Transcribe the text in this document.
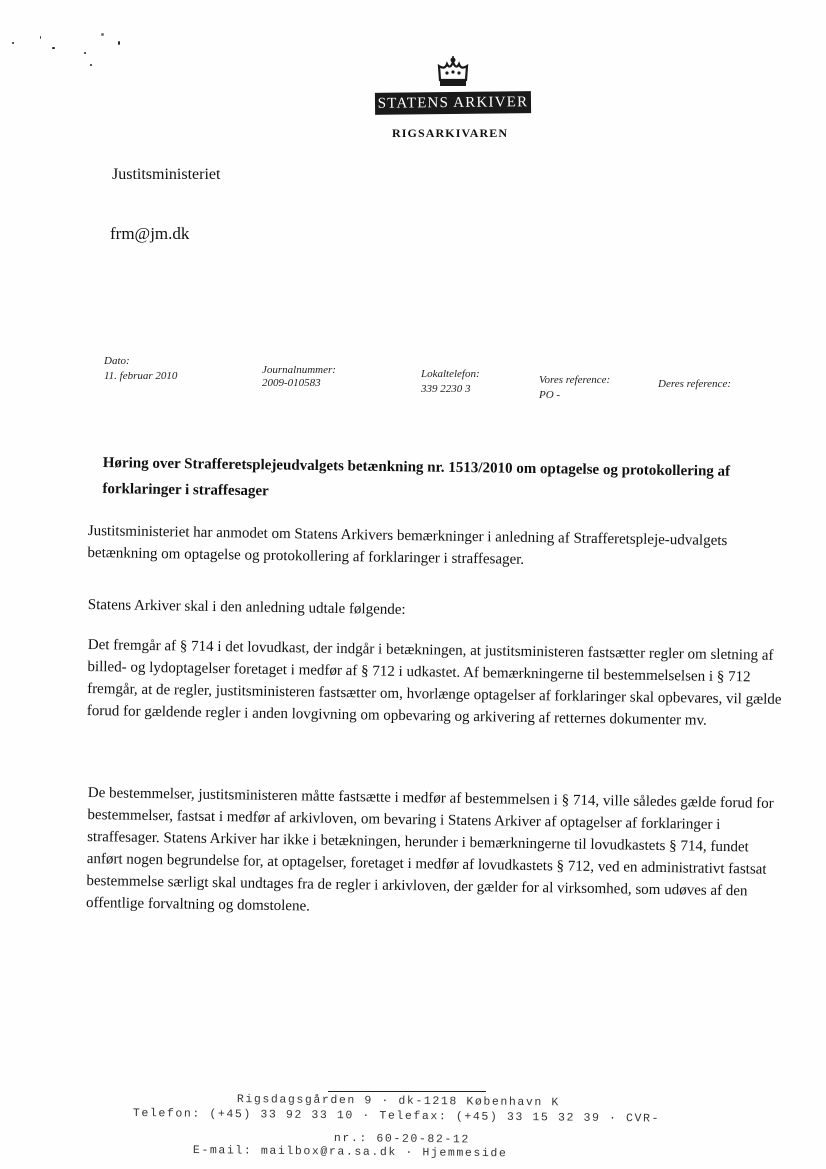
STATENS ARKIVER
RIGSARKIVAREN
Justitsministeriet
frm@jm.dk
Dato:
11. februar 2010	Journalnummer:
2009-010583
Lokaltelefon:
339 2230 3
Vores reference:
PO -
Deres reference:
Høring over Strafferetsplejeudvalgets betænkning nr. 1513/2010 om optagelse og protokollering af forklaringer i straffesager
Justitsministeriet har anmodet om Statens Arkivers bemærkninger i anledning af Strafferetspleje-udvalgets betænkning om optagelse og protokollering af forklaringer i straffesager.
Statens Arkiver skal i den anledning udtale følgende:
Det fremgår af § 714 i det lovudkast, der indgår i betækningen, at justitsministeren fastsætter regler om sletning af billed- og lydoptagelser foretaget i medfør af § 712 i udkastet. Af bemærkningerne til bestemmelselsen i § 712 fremgår, at de regler, justitsministeren fastsætter om, hvorlænge optagelser af forklaringer skal opbevares, vil gælde forud for gældende regler i anden lovgivning om opbevaring og arkivering af retternes dokumenter mv.
De bestemmelser, justitsministeren måtte fastsætte i medfør af bestemmelsen i § 714, ville således gælde forud for bestemmelser, fastsat i medfør af arkivloven, om bevaring i Statens Arkiver af optagelser af forklaringer i straffesager. Statens Arkiver har ikke i betækningen, herunder i bemærkningerne til lovudkastets § 714, fundet anført nogen begrundelse for, at optagelser, foretaget i medfør af lovudkastets § 712, ved en administrativt fastsat bestemmelse særligt skal undtages fra de regler i arkivloven, der gælder for al virksomhed, som udøves af den offentlige forvaltning og domstolene.
Rigsdagsgården 9 · dk-1218 København K
Telefon: (+45) 33 92 33 10 · Telefax: (+45) 33 15 32 39 · CVR-
nr.: 60-20-82-12
E-mail: mailbox@ra.sa.dk · Hjemmeside
